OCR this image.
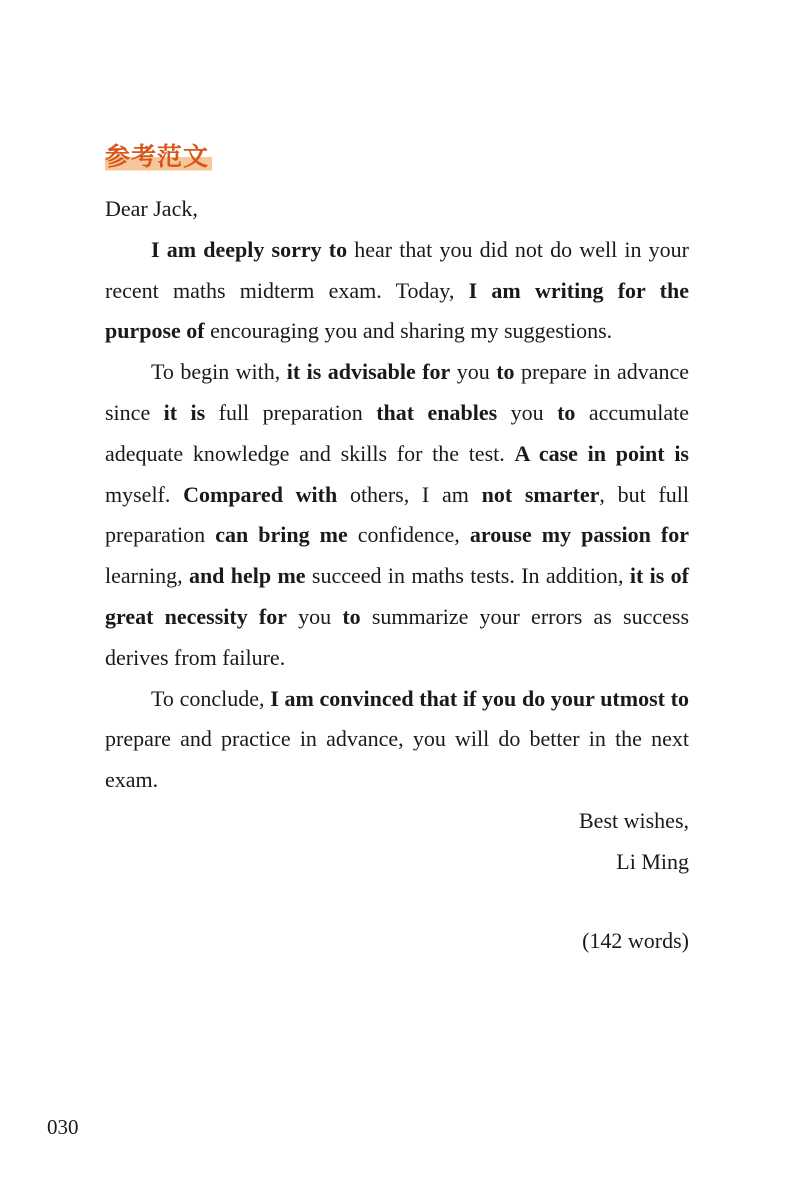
参考范文

Dear Jack,

I am deeply sorry to hear that you did not do well in your recent maths midterm exam. Today, I am writing for the purpose of encouraging you and sharing my suggestions.

To begin with, it is advisable for you to prepare in advance since it is full preparation that enables you to accumulate adequate knowledge and skills for the test. A case in point is myself. Compared with others, I am not smarter, but full preparation can bring me confidence, arouse my passion for learning, and help me succeed in maths tests. In addition, it is of great necessity for you to summarize your errors as success derives from failure.

To conclude, I am convinced that if you do your utmost to prepare and practice in advance, you will do better in the next exam.

Best wishes,

Li Ming

(142 words)

030
